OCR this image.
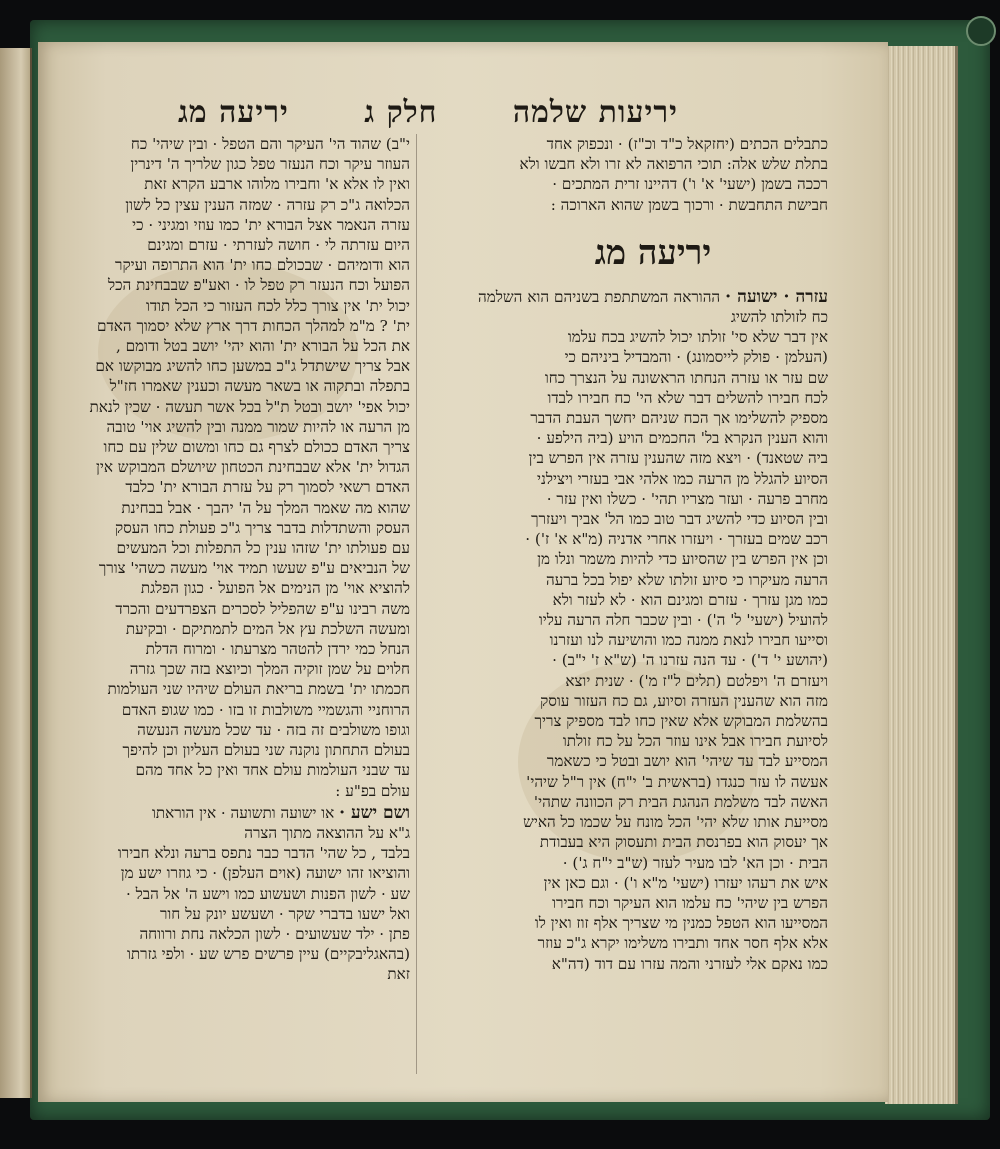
יריעות שלמה
חלק ג
יריעה מג

כתבלים הכתים (יחזקאל כ"ד וכ"ז) · ונכפוק אחד

בתלת שלש אלה: תוכי הרפואה לא זרו ולא חבשו ולא

רככה בשמן (ישעי' א' ו') דהיינו זרית המתכים ·

חבישת התחבשת · ורכוך בשמן שהוא הארוכה :

יריעה מג

עזרה · ישועה · ההוראה המשתתפת בשניהם הוא השלמה כח לזולתו להשיג

אין דבר שלא סי' זולתו יכול להשיג בכח עלמו

(העלמן · פולק לייסמונג) · והמבדיל ביניהם כי

שם עזר או עזרה הנחתו הראשונה על הנצרך כחו

לכח חבירו להשלים דבר שלא הי' כח חבירו לבדו

מספיק להשלימו אך הכח שניהם יחשך העבת הדבר

והוא הענין הנקרא בל' החכמים הויע (ביה הילפע ·

ביה שטאנד) · ויצא מזה שהענין עזרה אין הפרש בין

הסיוע להגלל מן הרעה כמו אלהי אבי בעזרי ויצילני

מחרב פרעה · ועזר מצריו תהי' · כשלו ואין עזר ·

ובין הסיוע כדי להשיג דבר טוב כמו הל' אביך ויעזרך

רכב שמים בעזרך · ויעזרו אחרי אדניה (מ"א א' ז') ·

וכן אין הפרש בין שהסיוע כדי להיות משמר ונלו מן

הרעה מעיקרו כי סיוע זולתו שלא יפול בכל ברעה

כמו מגן עזרך · עזרם ומגינם הוא · לא לעזר ולא

להועיל (ישעי' ל' ה') · ובין שכבר חלה הרעה עליו

וסייעו חבירו לנאת ממנה כמו והושיעה לנו ועזרנו

(יהושע י' ד') · עד הנה עזרנו ה' (ש"א ז' י"ב) ·

ויעזרם ה' ויפלטם (תלים ל"ז מ') · שנית יוצא

מזה הוא שהענין העזרה וסיוע, גם כח העזור עוסק

בהשלמת המבוקש אלא שאין כחו לבד מספיק צריך

לסיועת חבירו אבל אינו עוזר הכל על כח זולתו

המסייע לבד עד שיהי' הוא יושב ובטל כי כשאמר

אעשה לו עזר כנגדו (בראשית ב' י"ח) אין ר"ל שיהי'

האשה לבד משלמת הנהגת הבית רק הכוונה שתהי'

מסייעת אותו שלא יהי' הכל מונח על שכמו כל האיש

אך יעסוק הוא בפרנסת הבית ותעסוק היא בעבודת

הבית · וכן הא' לבו מעיר לעזר (ש"ב י"ח ג') ·

איש את רעהו יעזרו (ישעי' מ"א ו') · וגם כאן אין

הפרש בין שיהי' כח עלמו הוא העיקר וכח חבירו

המסייעו הוא הטפל כמנין מי שצריך אלף זוז ואין לו

אלא אלף חסר אחד ותבירו משלימו יקרא ג"כ עוזר

כמו נאקם אלי לעזרני והמה עזרו עם דוד (דה"א

י"ב) שהוד הי' העיקר והם הטפל · ובין שיהי' כח

העוזר עיקר וכח הנעזר טפל כגון שלריך ה' דינרין

ואין לו אלא א' וחבירו מלוהו ארבע הקרא זאת

הכלואה ג"כ רק עזרה · שמזה הענין עצין כל לשון

עזרה הנאמר אצל הבורא ית' כמו עוזי ומגיני · כי

היום עזרתה לי · חושה לעזרתי · עזרם ומגינם

הוא ודומיהם · שבכולם כחו ית' הוא התרופה ועיקר

הפועל וכח הנעזר רק טפל לו · ואע"פ שבבחינת הכל

יכול ית' אין צורך כלל לכח העזור כי הכל תודו

ית' ? מ"מ למהלך הכחות דרך ארץ שלא יסמוך האדם

את הכל על הבורא ית' והוא יהי' יושב בטל ודומם ,

אבל צריך שישתדל ג"כ במשען כחו להשיג מבוקשו אם

בתפלה ובתקוה או בשאר מעשה וכענין שאמרו חז"ל

יכול אפי' יושב ובטל ת"ל בכל אשר תעשה · שכין לנאת

מן הרעה או להיות שמור ממנה ובין להשיג אוי' טובה

צריך האדם ככולם לצרף גם כחו ומשום שלין עם כחו

הגדול ית' אלא שבבחינת הכטחון שיושלם המבוקש אין

האדם רשאי לסמוך רק על עזרת הבורא ית' כלבד

שהוא מה שאמר המלך על ה' יהבך · אבל בבחינת

העסק והשתדלות בדבר צריך ג"כ פעולת כחו העסק

עם פעולתו ית' שזהו ענין כל התפלות וכל המעשים

של הנביאים ע"פ שעשו תמיד אוי' מעשה כשהי' צורך

להוציא אוי' מן הנימים אל הפועל · כגון הפלגת

משה רבינו ע"פ שהפליל לסכרים הצפרדעים והכרד

ומעשה השלכת עץ אל המים לתמתיקם · ובקיעת

הנחל כמי ירדן להטהר מצרעתו · ומרוח הדלת

חלוים על שמן זוקיה המלך וכיוצא בזה שכך גזרה

חכמתו ית' בשמת בריאת העולם שיהיו שני העולמות

הרוחניי והגשמיי משולבות זו בזו · כמו שגופ האדם

וגופו משולבים זה בזה · עד שכל מעשה הנעשה

בעולם התחתון נוקנה שני בעולם העליון וכן להיפך

עד שבני העולמות עולם אחד ואין כל אחד מהם

עולם בפ"ע :

ושם ישע · או ישועה ותשועה · אין הוראתו

ג"א על ההוצאה מתוך הצרה

בלבד , כל שהי' הדבר כבר נתפס ברעה ונלא חבירו

והוציאו זהו ישועה (אוים העלפן) · כי גוזרו ישע מן

שע · לשון הפנות ושעשוע כמו וישע ה' אל הבל ·

ואל ישעו בדברי שקר · ושעשע יונק על חור

פתן · ילד שעשועים · לשון הכלאה נחת ורווחה

(בהאגליבקיים) עיין פרשים פרש שע · ולפי גזרתו

זאת
